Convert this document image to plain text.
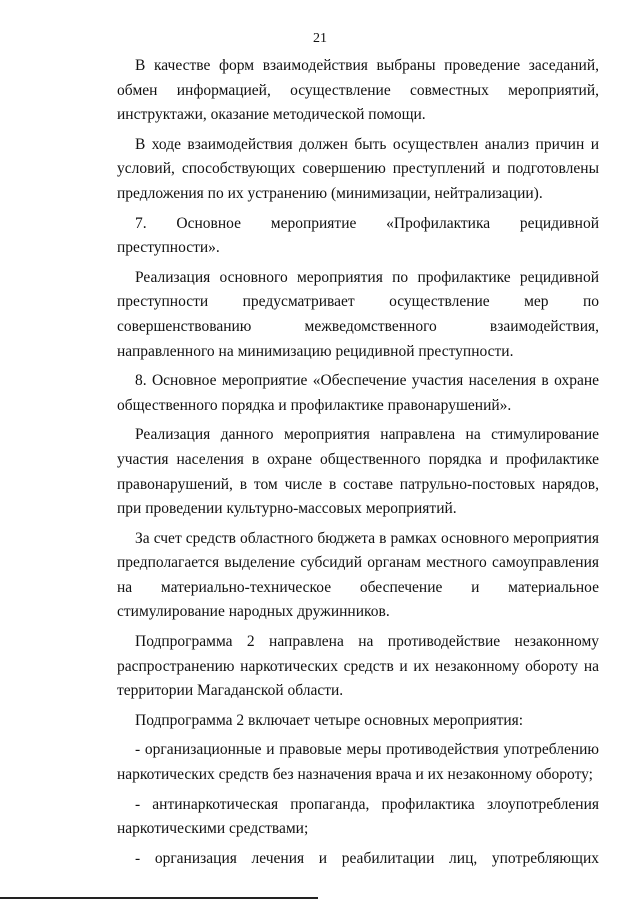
21

В качестве форм взаимодействия выбраны проведение заседаний, обмен информацией, осуществление совместных мероприятий, инструктажи, оказание методической помощи.

В ходе взаимодействия должен быть осуществлен анализ причин и условий, способствующих совершению преступлений и подготовлены предложения по их устранению (минимизации, нейтрализации).

7. Основное мероприятие «Профилактика рецидивной преступности».

Реализация основного мероприятия по профилактике рецидивной преступности предусматривает осуществление мер по совершенствованию межведомственного взаимодействия, направленного на минимизацию рецидивной преступности.

8. Основное мероприятие «Обеспечение участия населения в охране общественного порядка и профилактике правонарушений».

Реализация данного мероприятия направлена на стимулирование участия населения в охране общественного порядка и профилактике правонарушений, в том числе в составе патрульно-постовых нарядов, при проведении культурно-массовых мероприятий.

За счет средств областного бюджета в рамках основного мероприятия предполагается выделение субсидий органам местного самоуправления на материально-техническое обеспечение и материальное стимулирование народных дружинников.

Подпрограмма 2 направлена на противодействие незаконному распространению наркотических средств и их незаконному обороту на территории Магаданской области.

Подпрограмма 2 включает четыре основных мероприятия:

- организационные и правовые меры противодействия употреблению наркотических средств без назначения врача и их незаконному обороту;

- антинаркотическая пропаганда, профилактика злоупотребления наркотическими средствами;

- организация лечения и реабилитации лиц, употребляющих
